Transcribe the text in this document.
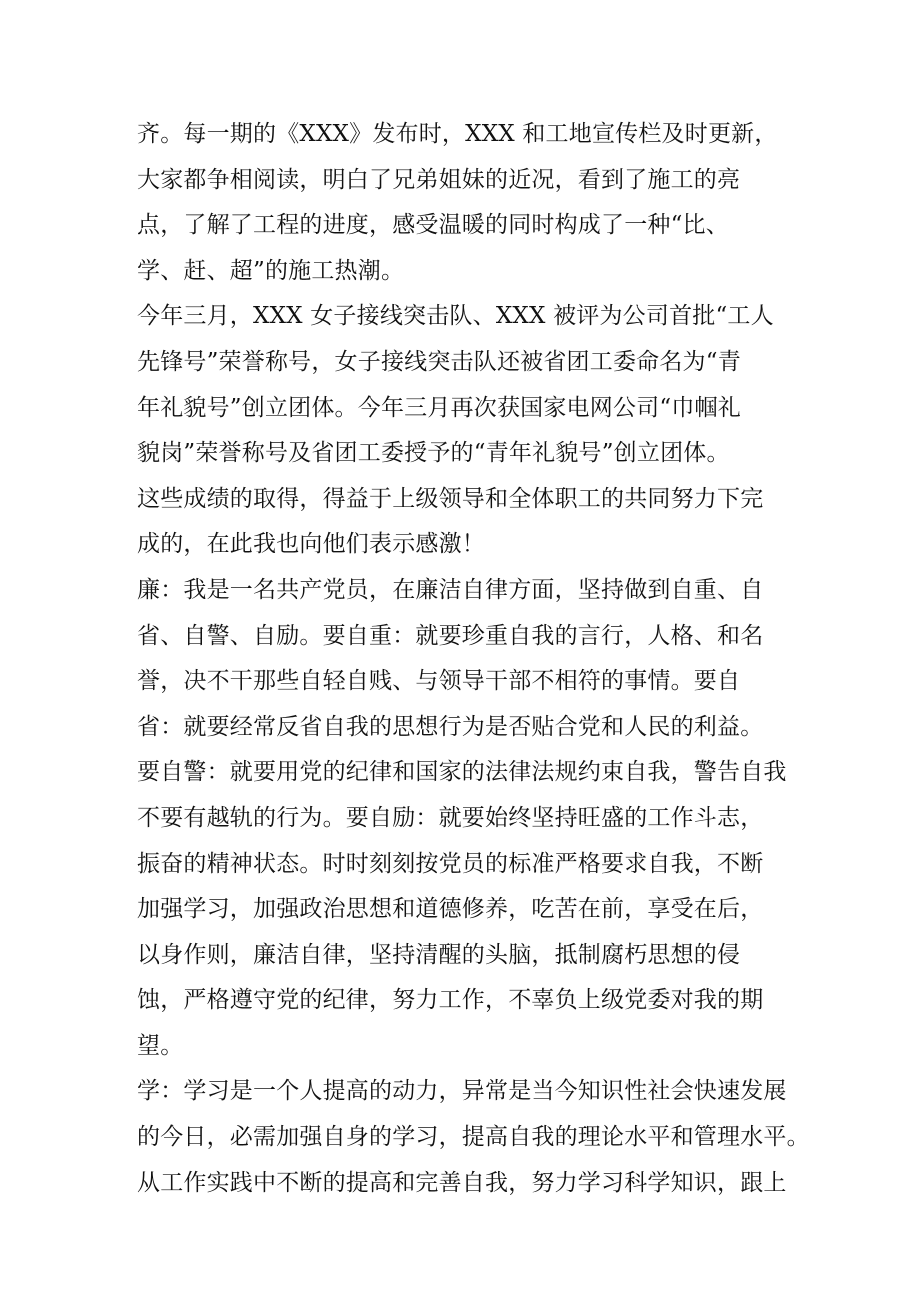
齐。每一期的《XXX》发布时，XXX 和工地宣传栏及时更新，
大家都争相阅读，明白了兄弟姐妹的近况，看到了施工的亮
点，了解了工程的进度，感受温暖的同时构成了一种“比、
学、赶、超”的施工热潮。
今年三月，XXX 女子接线突击队、XXX 被评为公司首批“工人
先锋号”荣誉称号，女子接线突击队还被省团工委命名为“青
年礼貌号”创立团体。今年三月再次获国家电网公司“巾帼礼
貌岗”荣誉称号及省团工委授予的“青年礼貌号”创立团体。
这些成绩的取得，得益于上级领导和全体职工的共同努力下完
成的，在此我也向他们表示感激！
廉：我是一名共产党员，在廉洁自律方面，坚持做到自重、自
省、自警、自励。要自重：就要珍重自我的言行，人格、和名
誉，决不干那些自轻自贱、与领导干部不相符的事情。要自
省：就要经常反省自我的思想行为是否贴合党和人民的利益。
要自警：就要用党的纪律和国家的法律法规约束自我，警告自我
不要有越轨的行为。要自励：就要始终坚持旺盛的工作斗志，
振奋的精神状态。时时刻刻按党员的标准严格要求自我，不断
加强学习，加强政治思想和道德修养，吃苦在前，享受在后，
以身作则，廉洁自律，坚持清醒的头脑，抵制腐朽思想的侵
蚀，严格遵守党的纪律，努力工作，不辜负上级党委对我的期
望。
学：学习是一个人提高的动力，异常是当今知识性社会快速发展
的今日，必需加强自身的学习，提高自我的理论水平和管理水平。
从工作实践中不断的提高和完善自我，努力学习科学知识，跟上
